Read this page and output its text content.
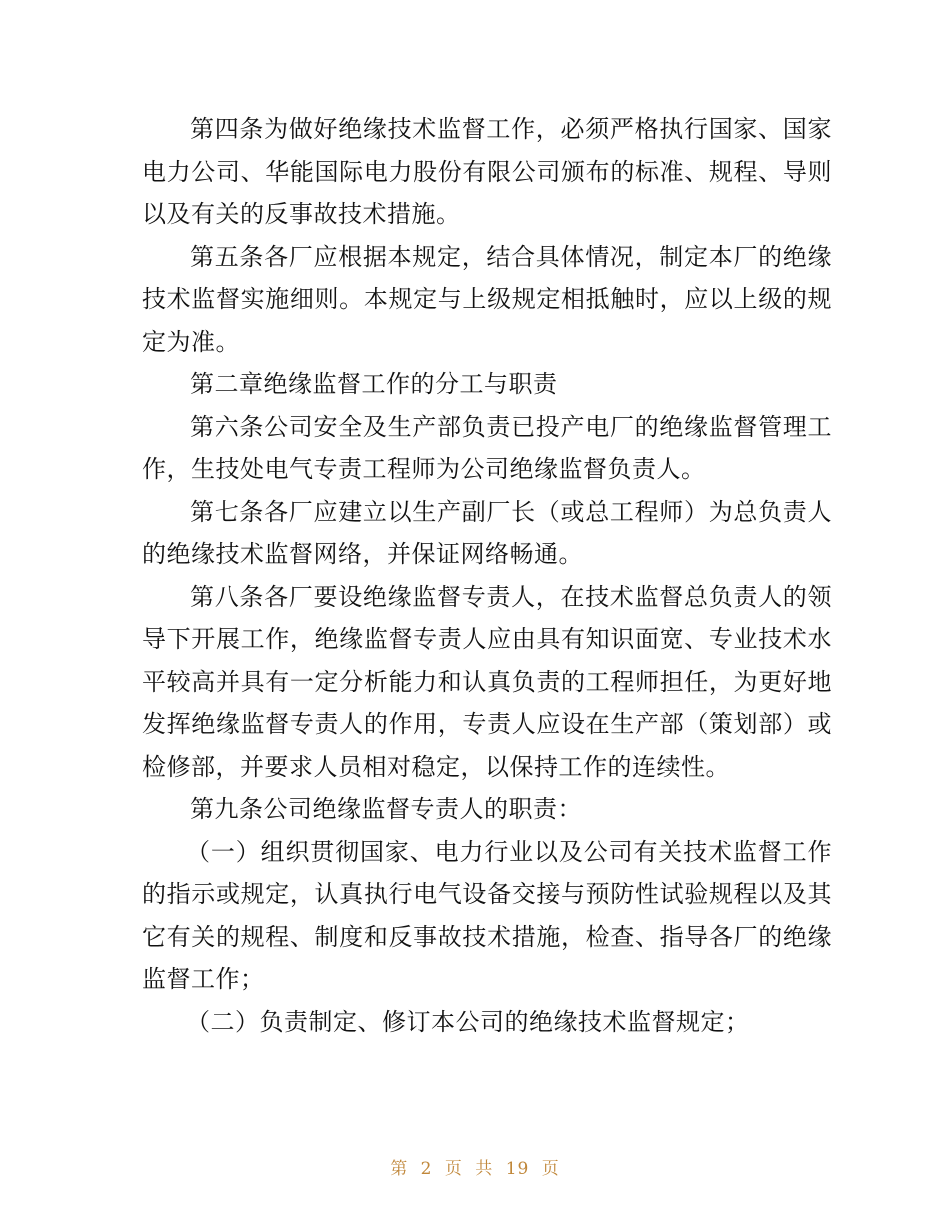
第四条为做好绝缘技术监督工作，必须严格执行国家、国家电力公司、华能国际电力股份有限公司颁布的标准、规程、导则以及有关的反事故技术措施。

第五条各厂应根据本规定，结合具体情况，制定本厂的绝缘技术监督实施细则。本规定与上级规定相抵触时，应以上级的规定为准。

第二章绝缘监督工作的分工与职责

第六条公司安全及生产部负责已投产电厂的绝缘监督管理工作，生技处电气专责工程师为公司绝缘监督负责人。

第七条各厂应建立以生产副厂长（或总工程师）为总负责人的绝缘技术监督网络，并保证网络畅通。

第八条各厂要设绝缘监督专责人，在技术监督总负责人的领导下开展工作，绝缘监督专责人应由具有知识面宽、专业技术水平较高并具有一定分析能力和认真负责的工程师担任，为更好地发挥绝缘监督专责人的作用，专责人应设在生产部（策划部）或检修部，并要求人员相对稳定，以保持工作的连续性。

第九条公司绝缘监督专责人的职责：

（一）组织贯彻国家、电力行业以及公司有关技术监督工作的指示或规定，认真执行电气设备交接与预防性试验规程以及其它有关的规程、制度和反事故技术措施，检查、指导各厂的绝缘监督工作；

（二）负责制定、修订本公司的绝缘技术监督规定；

第 2 页 共 19 页
